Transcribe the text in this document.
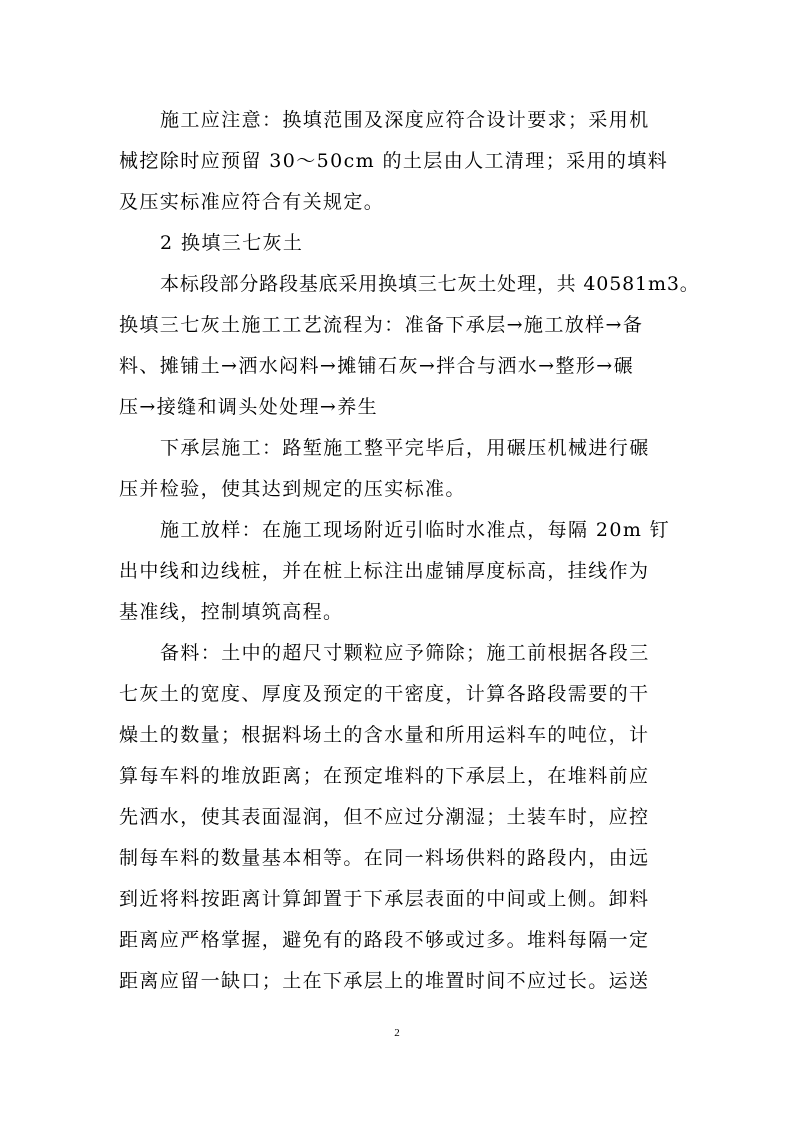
施工应注意：换填范围及深度应符合设计要求；采用机
械挖除时应预留 30～50cm 的土层由人工清理；采用的填料
及压实标准应符合有关规定。
2 换填三七灰土
本标段部分路段基底采用换填三七灰土处理，共 40581m3。
换填三七灰土施工工艺流程为：准备下承层→施工放样→备
料、摊铺土→洒水闷料→摊铺石灰→拌合与洒水→整形→碾
压→接缝和调头处处理→养生
下承层施工：路堑施工整平完毕后，用碾压机械进行碾
压并检验，使其达到规定的压实标准。
施工放样：在施工现场附近引临时水准点，每隔 20m 钉
出中线和边线桩，并在桩上标注出虚铺厚度标高，挂线作为
基准线，控制填筑高程。
备料：土中的超尺寸颗粒应予筛除；施工前根据各段三
七灰土的宽度、厚度及预定的干密度，计算各路段需要的干
燥土的数量；根据料场土的含水量和所用运料车的吨位，计
算每车料的堆放距离；在预定堆料的下承层上，在堆料前应
先洒水，使其表面湿润，但不应过分潮湿；土装车时，应控
制每车料的数量基本相等。在同一料场供料的路段内，由远
到近将料按距离计算卸置于下承层表面的中间或上侧。卸料
距离应严格掌握，避免有的路段不够或过多。堆料每隔一定
距离应留一缺口；土在下承层上的堆置时间不应过长。运送
2
